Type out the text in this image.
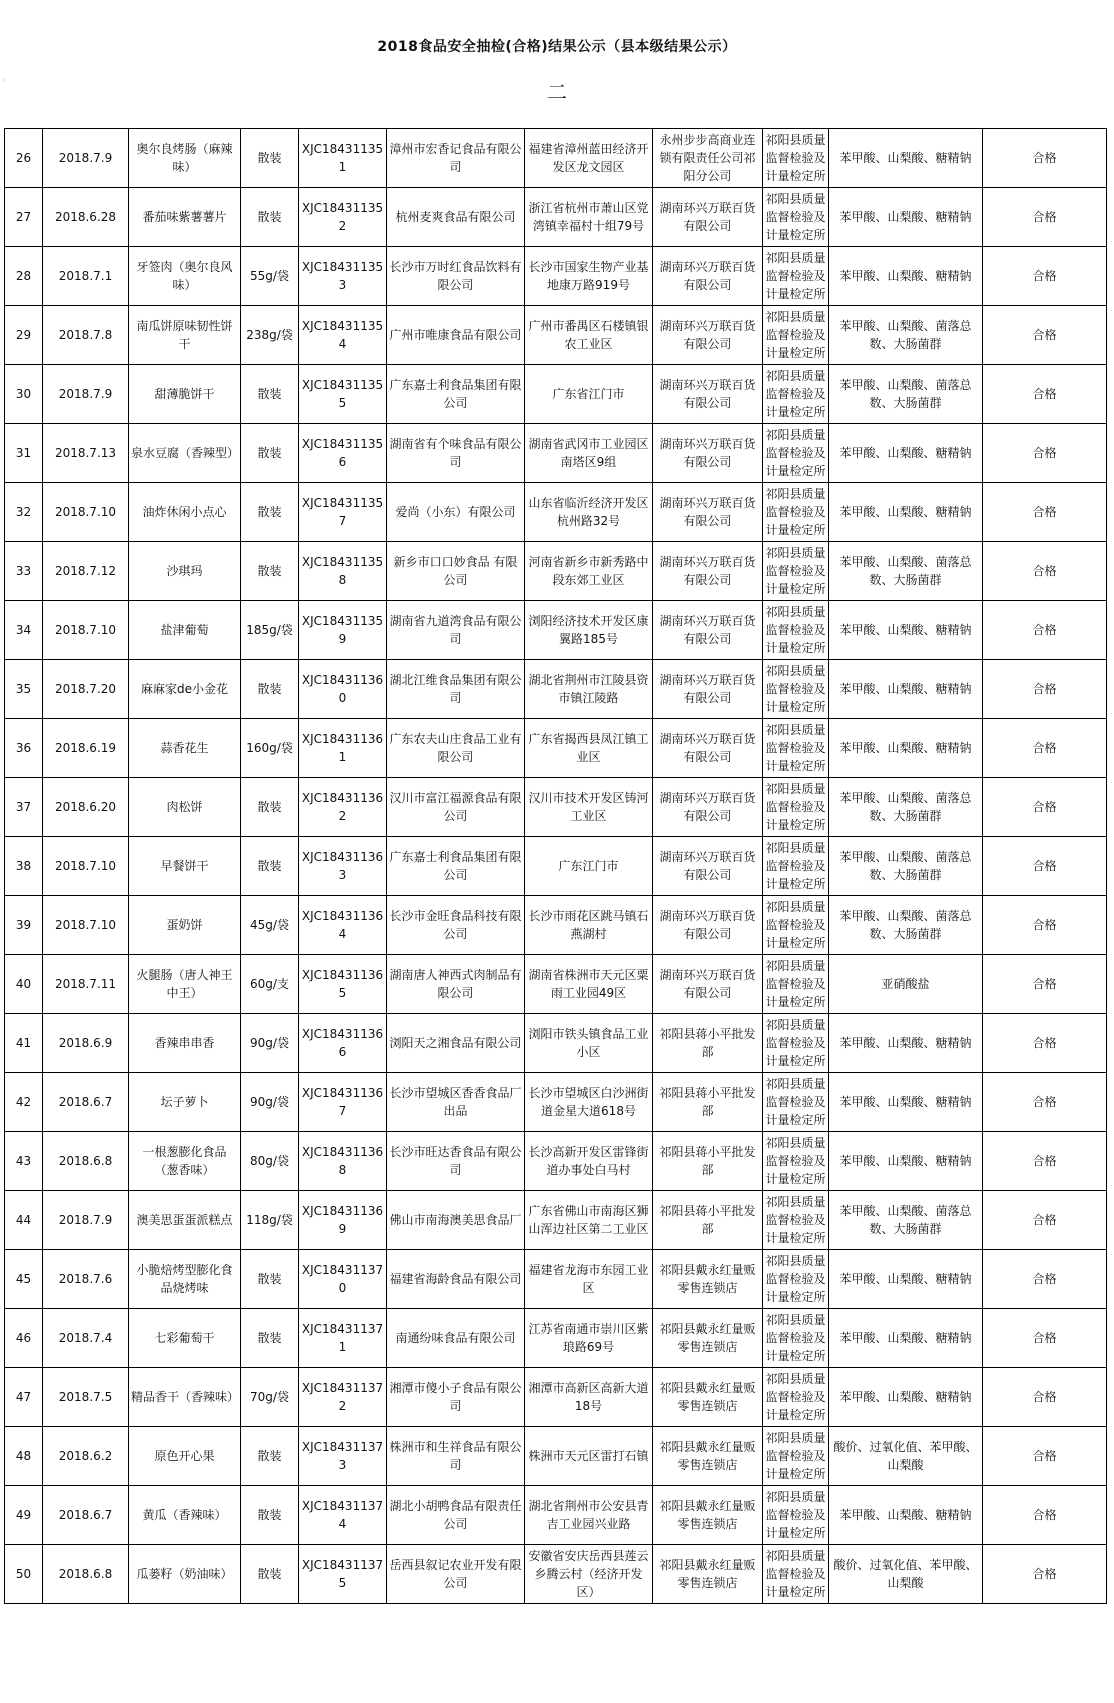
2018食品安全抽检(合格)结果公示（县本级结果公示）
·	二
26	2018.7.9	奥尔良烤肠（麻辣味）	散装	XJC184311351	漳州市宏香记食品有限公司	福建省漳州蓝田经济开发区龙文园区	永州步步高商业连锁有限责任公司祁阳分公司	祁阳县质量监督检验及计量检定所	苯甲酸、山梨酸、糖精钠	合格
27	2018.6.28	番茄味紫薯薯片	散装	XJC184311352	杭州麦爽食品有限公司	浙江省杭州市萧山区党湾镇幸福村十组79号	湖南环兴万联百货有限公司	祁阳县质量监督检验及计量检定所	苯甲酸、山梨酸、糖精钠	合格
28	2018.7.1	牙签肉（奥尔良风味）	55g/袋	XJC184311353	长沙市万时红食品饮料有限公司	长沙市国家生物产业基地康万路919号	湖南环兴万联百货有限公司	祁阳县质量监督检验及计量检定所	苯甲酸、山梨酸、糖精钠	合格
29	2018.7.8	南瓜饼原味韧性饼干	238g/袋	XJC184311354	广州市唯康食品有限公司	广州市番禺区石楼镇银农工业区	湖南环兴万联百货有限公司	祁阳县质量监督检验及计量检定所	苯甲酸、山梨酸、菌落总数、大肠菌群	合格
30	2018.7.9	甜薄脆饼干	散装	XJC184311355	广东嘉士利食品集团有限公司	广东省江门市	湖南环兴万联百货有限公司	祁阳县质量监督检验及计量检定所	苯甲酸、山梨酸、菌落总数、大肠菌群	合格
31	2018.7.13	泉水豆腐（香辣型）	散装	XJC184311356	湖南省有个味食品有限公司	湖南省武冈市工业园区南塔区9组	湖南环兴万联百货有限公司	祁阳县质量监督检验及计量检定所	苯甲酸、山梨酸、糖精钠	合格
32	2018.7.10	油炸休闲小点心	散装	XJC184311357	爱尚（小东）有限公司	山东省临沂经济开发区杭州路32号	湖南环兴万联百货有限公司	祁阳县质量监督检验及计量检定所	苯甲酸、山梨酸、糖精钠	合格
33	2018.7.12	沙琪玛	散装	XJC184311358	新乡市口口妙食品 有限公司	河南省新乡市新秀路中段东郊工业区	湖南环兴万联百货有限公司	祁阳县质量监督检验及计量检定所	苯甲酸、山梨酸、菌落总数、大肠菌群	合格
34	2018.7.10	盐津葡萄	185g/袋	XJC184311359	湖南省九道湾食品有限公司	浏阳经济技术开发区康翼路185号	湖南环兴万联百货有限公司	祁阳县质量监督检验及计量检定所	苯甲酸、山梨酸、糖精钠	合格
35	2018.7.20	麻麻家de小金花	散装	XJC184311360	湖北江维食品集团有限公司	湖北省荆州市江陵县资市镇江陵路	湖南环兴万联百货有限公司	祁阳县质量监督检验及计量检定所	苯甲酸、山梨酸、糖精钠	合格
36	2018.6.19	蒜香花生	160g/袋	XJC184311361	广东农夫山庄食品工业有限公司	广东省揭西县凤江镇工业区	湖南环兴万联百货有限公司	祁阳县质量监督检验及计量检定所	苯甲酸、山梨酸、糖精钠	合格
37	2018.6.20	肉松饼	散装	XJC184311362	汉川市富江福源食品有限公司	汉川市技术开发区铸河工业区	湖南环兴万联百货有限公司	祁阳县质量监督检验及计量检定所	苯甲酸、山梨酸、菌落总数、大肠菌群	合格
38	2018.7.10	早餐饼干	散装	XJC184311363	广东嘉士利食品集团有限公司	广东江门市	湖南环兴万联百货有限公司	祁阳县质量监督检验及计量检定所	苯甲酸、山梨酸、菌落总数、大肠菌群	合格
39	2018.7.10	蛋奶饼	45g/袋	XJC184311364	长沙市金旺食品科技有限公司	长沙市雨花区跳马镇石燕湖村	湖南环兴万联百货有限公司	祁阳县质量监督检验及计量检定所	苯甲酸、山梨酸、菌落总数、大肠菌群	合格
40	2018.7.11	火腿肠（唐人神王中王）	60g/支	XJC184311365	湖南唐人神西式肉制品有限公司	湖南省株洲市天元区粟雨工业园49区	湖南环兴万联百货有限公司	祁阳县质量监督检验及计量检定所	亚硝酸盐	合格
41	2018.6.9	香辣串串香	90g/袋	XJC184311366	浏阳天之湘食品有限公司	浏阳市铁头镇食品工业小区	祁阳县蒋小平批发部	祁阳县质量监督检验及计量检定所	苯甲酸、山梨酸、糖精钠	合格
42	2018.6.7	坛子萝卜	90g/袋	XJC184311367	长沙市望城区香香食品厂出品	长沙市望城区白沙洲街道金星大道618号	祁阳县蒋小平批发部	祁阳县质量监督检验及计量检定所	苯甲酸、山梨酸、糖精钠	合格
43	2018.6.8	一根葱膨化食品（葱香味）	80g/袋	XJC184311368	长沙市旺达香食品有限公司	长沙高新开发区雷锋街道办事处白马村	祁阳县蒋小平批发部	祁阳县质量监督检验及计量检定所	苯甲酸、山梨酸、糖精钠	合格
44	2018.7.9	澳美思蛋蛋派糕点	118g/袋	XJC184311369	佛山市南海澳美思食品厂	广东省佛山市南海区狮山浑边社区第二工业区	祁阳县蒋小平批发部	祁阳县质量监督检验及计量检定所	苯甲酸、山梨酸、菌落总数、大肠菌群	合格
45	2018.7.6	小脆焙烤型膨化食品烧烤味	散装	XJC184311370	福建省海龄食品有限公司	福建省龙海市东园工业区	祁阳县戴永红量贩零售连锁店	祁阳县质量监督检验及计量检定所	苯甲酸、山梨酸、糖精钠	合格
46	2018.7.4	七彩葡萄干	散装	XJC184311371	南通纷味食品有限公司	江苏省南通市崇川区紫琅路69号	祁阳县戴永红量贩零售连锁店	祁阳县质量监督检验及计量检定所	苯甲酸、山梨酸、糖精钠	合格
47	2018.7.5	精品香干（香辣味）	70g/袋	XJC184311372	湘潭市傻小子食品有限公司	湘潭市高新区高新大道18号	祁阳县戴永红量贩零售连锁店	祁阳县质量监督检验及计量检定所	苯甲酸、山梨酸、糖精钠	合格
48	2018.6.2	原色开心果	散装	XJC184311373	株洲市和生祥食品有限公司	株洲市天元区雷打石镇	祁阳县戴永红量贩零售连锁店	祁阳县质量监督检验及计量检定所	酸价、过氧化值、苯甲酸、山梨酸	合格
49	2018.6.7	黄瓜（香辣味）	散装	XJC184311374	湖北小胡鸭食品有限责任公司	湖北省荆州市公安县青吉工业园兴业路	祁阳县戴永红量贩零售连锁店	祁阳县质量监督检验及计量检定所	苯甲酸、山梨酸、糖精钠	合格
50	2018.6.8	瓜蒌籽（奶油味）	散装	XJC184311375	岳西县叙记农业开发有限公司	安徽省安庆岳西县莲云乡腾云村（经济开发区）	祁阳县戴永红量贩零售连锁店	祁阳县质量监督检验及计量检定所	酸价、过氧化值、苯甲酸、山梨酸	合格
